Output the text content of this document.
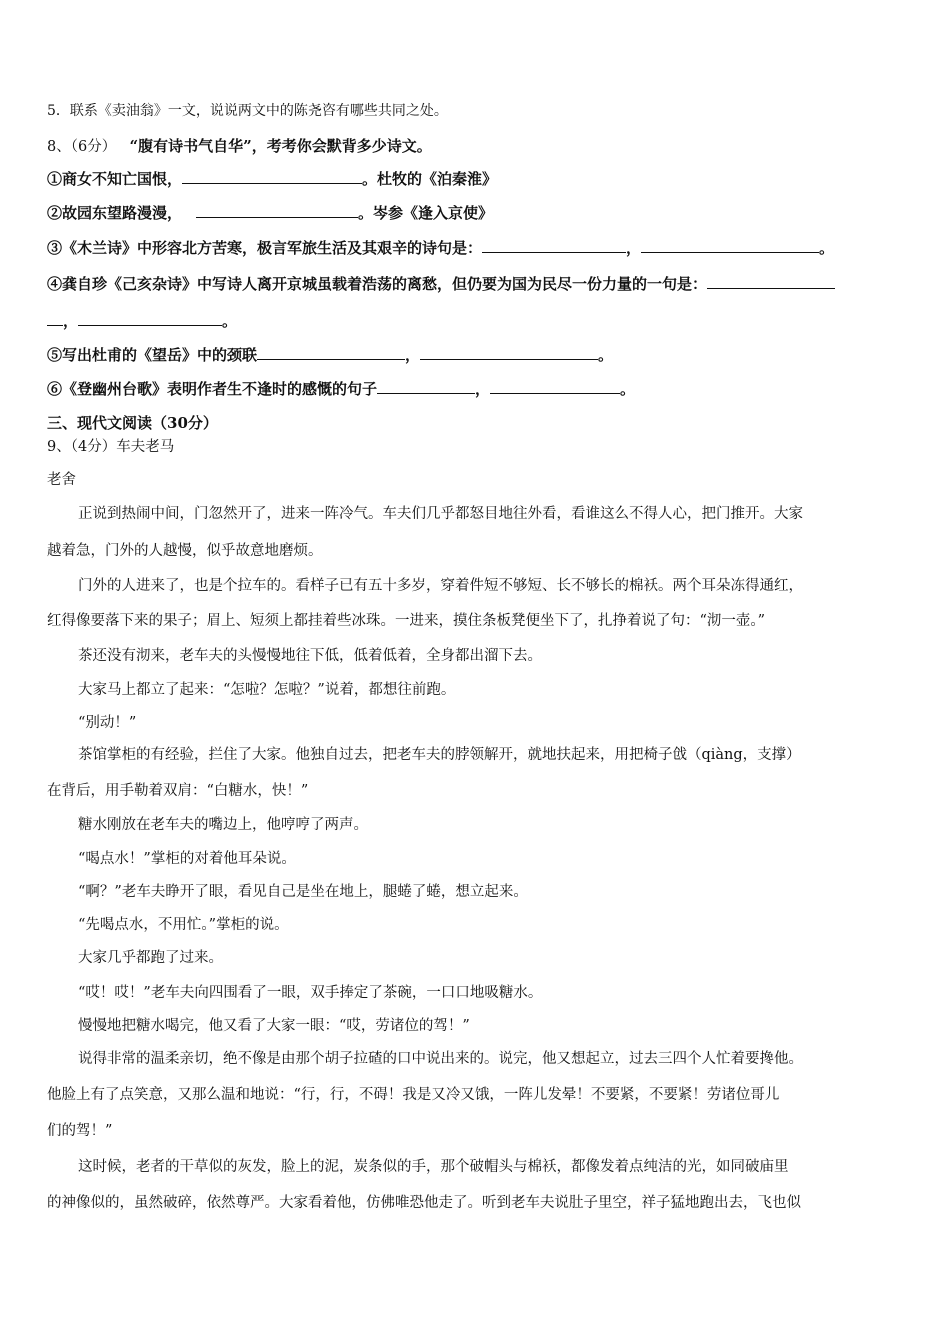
5．联系《卖油翁》一文，说说两文中的陈尧咨有哪些共同之处。
8、（6分） “腹有诗书气自华”，考考你会默背多少诗文。
①商女不知亡国恨，	。杜牧的《泊秦淮》
②故园东望路漫漫，	。岑参《逢入京使》
③《木兰诗》中形容北方苦寒，极言军旅生活及其艰辛的诗句是：	，	。
④龚自珍《己亥杂诗》中写诗人离开京城虽载着浩荡的离愁，但仍要为国为民尽一份力量的一句是：
，	。
⑤写出杜甫的《望岳》中的颈联	，	。
⑥《登幽州台歌》表明作者生不逢时的感慨的句子	，	。
三、现代文阅读（30分）
9、（4分）车夫老马
老舍
正说到热闹中间，门忽然开了，进来一阵冷气。车夫们几乎都怒目地往外看，看谁这么不得人心，把门推开。大家
越着急，门外的人越慢，似乎故意地磨烦。
门外的人进来了，也是个拉车的。看样子已有五十多岁，穿着件短不够短、长不够长的棉袄。两个耳朵冻得通红，
红得像要落下来的果子；眉上、短须上都挂着些冰珠。一进来，摸住条板凳便坐下了，扎挣着说了句：“沏一壶。”
茶还没有沏来，老车夫的头慢慢地往下低，低着低着，全身都出溜下去。
大家马上都立了起来：“怎啦？怎啦？”说着，都想往前跑。
“别动！”
茶馆掌柜的有经验，拦住了大家。他独自过去，把老车夫的脖领解开，就地扶起来，用把椅子戗（qiàng，支撑）
在背后，用手勒着双肩：“白糖水，快！”
糖水刚放在老车夫的嘴边上，他哼哼了两声。
“喝点水！”掌柜的对着他耳朵说。
“啊？”老车夫睁开了眼，看见自己是坐在地上，腿蜷了蜷，想立起来。
“先喝点水，不用忙。”掌柜的说。
大家几乎都跑了过来。
“哎！哎！”老车夫向四围看了一眼，双手捧定了茶碗，一口口地吸糖水。
慢慢地把糖水喝完，他又看了大家一眼：“哎，劳诸位的驾！”
说得非常的温柔亲切，绝不像是由那个胡子拉碴的口中说出来的。说完，他又想起立，过去三四个人忙着要搀他。
他脸上有了点笑意，又那么温和地说：“行，行，不碍！我是又冷又饿，一阵儿发晕！不要紧，不要紧！劳诸位哥儿
们的驾！”
这时候，老者的干草似的灰发，脸上的泥，炭条似的手，那个破帽头与棉袄，都像发着点纯洁的光，如同破庙里
的神像似的，虽然破碎，依然尊严。大家看着他，仿佛唯恐他走了。听到老车夫说肚子里空，祥子猛地跑出去，飞也似
